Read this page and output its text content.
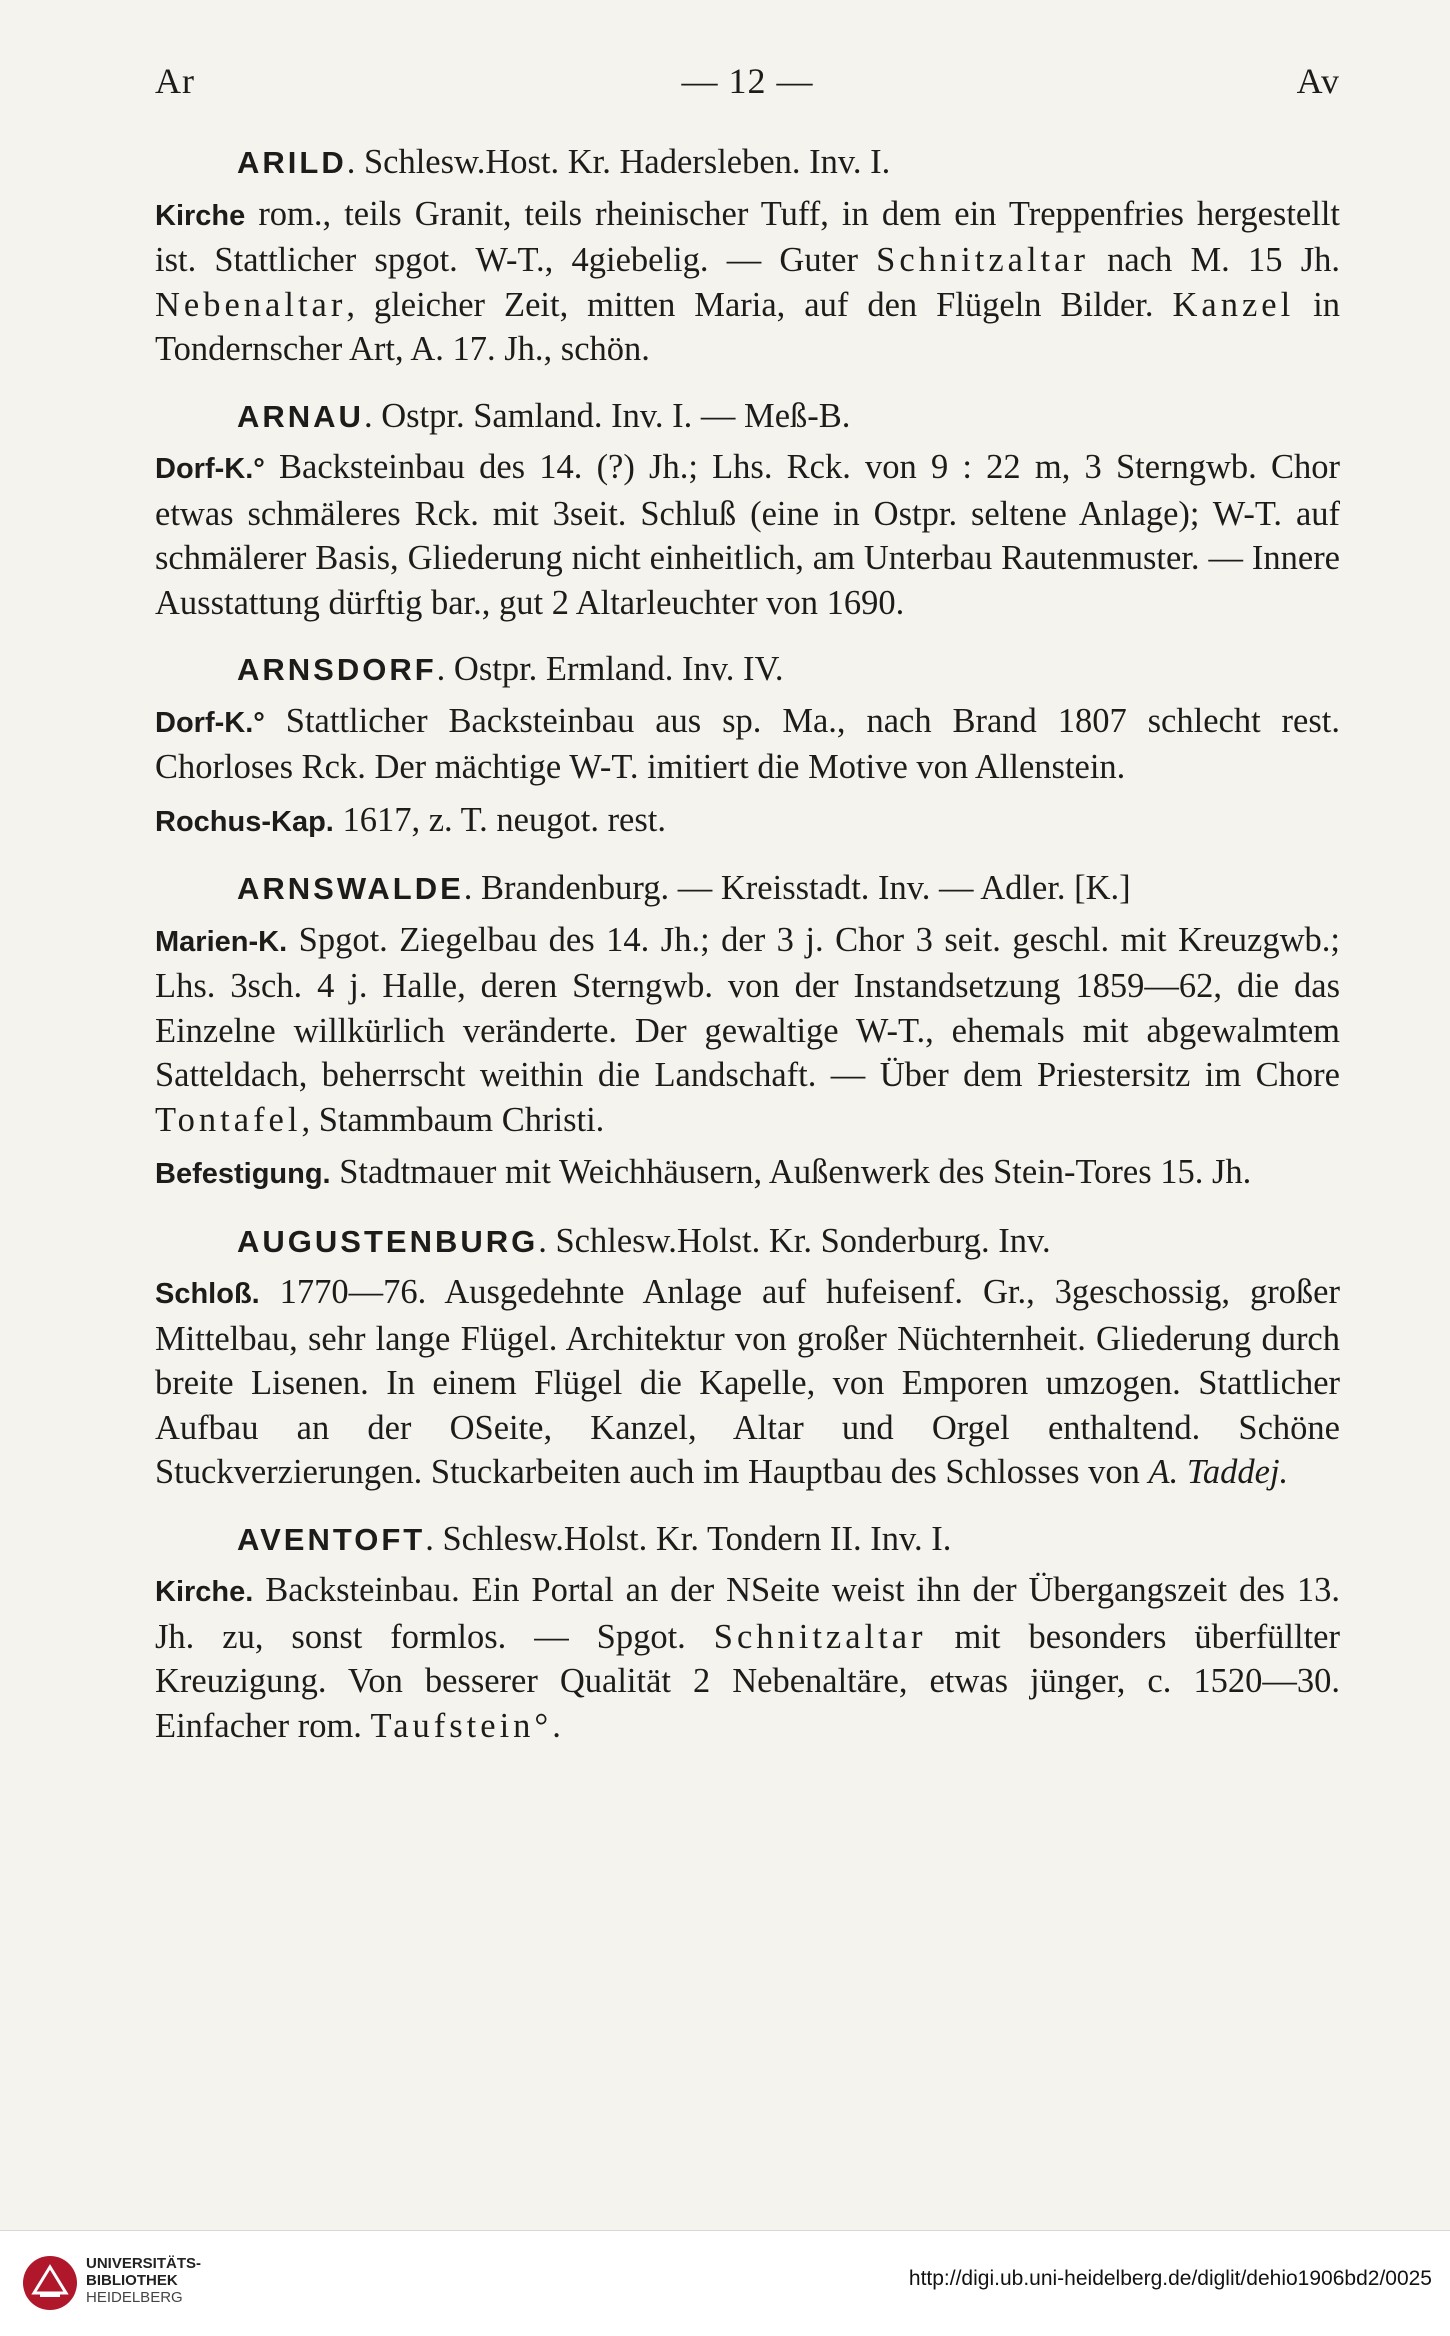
Ar	— 12 —	Av
ARILD. Schlesw.Host. Kr. Hadersleben. Inv. I.
Kirche rom., teils Granit, teils rheinischer Tuff, in dem ein Treppenfries hergestellt ist. Stattlicher spgot. W-T., 4giebelig. — Guter Schnitzaltar nach M. 15 Jh. Nebenaltar, gleicher Zeit, mitten Maria, auf den Flügeln Bilder. Kanzel in Tondernscher Art, A. 17. Jh., schön.
ARNAU. Ostpr. Samland. Inv. I. — Meß-B.
Dorf-K.° Backsteinbau des 14. (?) Jh.; Lhs. Rck. von 9 : 22 m, 3 Sterngwb. Chor etwas schmäleres Rck. mit 3seit. Schluß (eine in Ostpr. seltene Anlage); W-T. auf schmälerer Basis, Gliederung nicht einheitlich, am Unterbau Rautenmuster. — Innere Ausstattung dürftig bar., gut 2 Altarleuchter von 1690.
ARNSDORF. Ostpr. Ermland. Inv. IV.
Dorf-K.° Stattlicher Backsteinbau aus sp. Ma., nach Brand 1807 schlecht rest. Chorloses Rck. Der mächtige W-T. imitiert die Motive von Allenstein.
Rochus-Kap. 1617, z. T. neugot. rest.
ARNSWALDE. Brandenburg. — Kreisstadt. Inv. — Adler. [K.]
Marien-K. Spgot. Ziegelbau des 14. Jh.; der 3 j. Chor 3 seit. geschl. mit Kreuzgwb.; Lhs. 3sch. 4 j. Halle, deren Sterngwb. von der Instandsetzung 1859—62, die das Einzelne willkürlich veränderte. Der gewaltige W-T., ehemals mit abgewalmtem Satteldach, beherrscht weithin die Landschaft. — Über dem Priestersitz im Chore Tontafel, Stammbaum Christi.
Befestigung. Stadtmauer mit Weichhäusern, Außenwerk des Stein-Tores 15. Jh.
AUGUSTENBURG. Schlesw.Holst. Kr. Sonderburg. Inv.
Schloß. 1770—76. Ausgedehnte Anlage auf hufeisenf. Gr., 3geschossig, großer Mittelbau, sehr lange Flügel. Architektur von großer Nüchternheit. Gliederung durch breite Lisenen. In einem Flügel die Kapelle, von Emporen umzogen. Stattlicher Aufbau an der OSeite, Kanzel, Altar und Orgel enthaltend. Schöne Stuckverzierungen. Stuckarbeiten auch im Hauptbau des Schlosses von A. Taddej.
AVENTOFT. Schlesw.Holst. Kr. Tondern II. Inv. I.
Kirche. Backsteinbau. Ein Portal an der NSeite weist ihn der Übergangszeit des 13. Jh. zu, sonst formlos. — Spgot. Schnitzaltar mit besonders überfüllter Kreuzigung. Von besserer Qualität 2 Nebenaltäre, etwas jünger, c. 1520—30. Einfacher rom. Taufstein°.
UNIVERSITÄTS-
BIBLIOTHEK
HEIDELBERG
http://digi.ub.uni-heidelberg.de/diglit/dehio1906bd2/0025
